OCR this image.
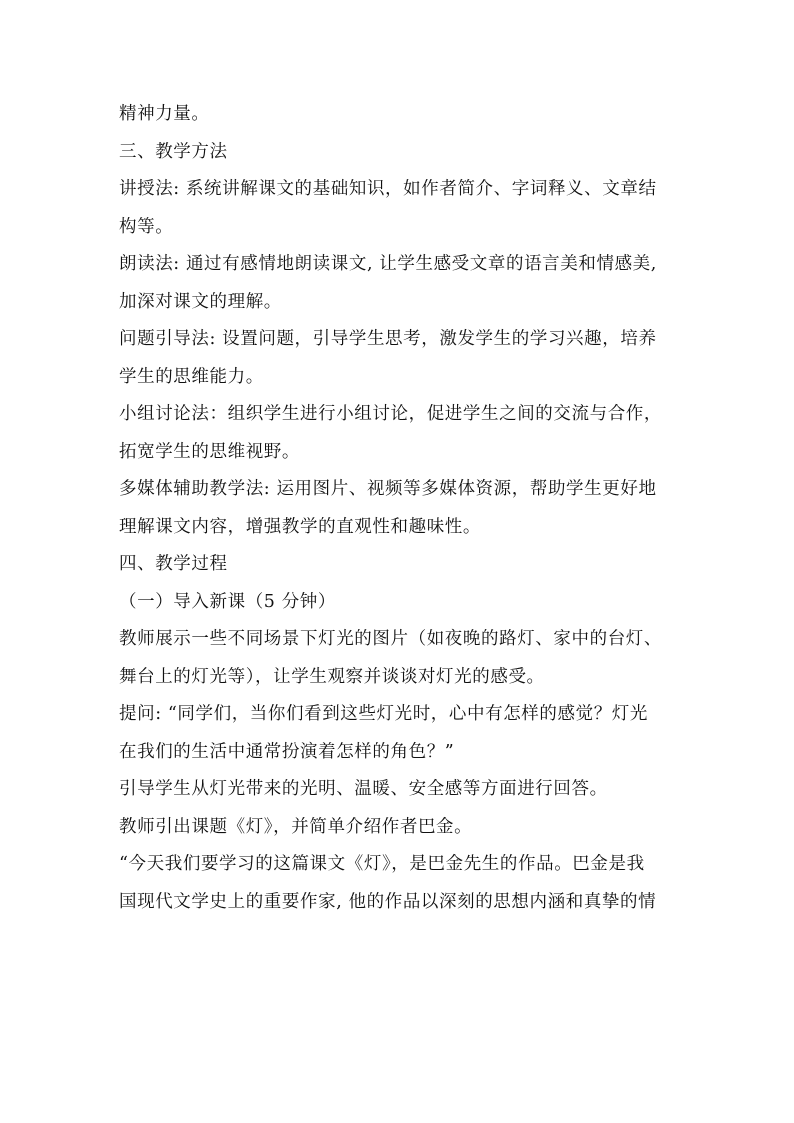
精神力量。
三、教学方法
讲授法: 系统讲解课文的基础知识，如作者简介、字词释义、文章结
构等。
朗读法: 通过有感情地朗读课文, 让学生感受文章的语言美和情感美,
加深对课文的理解。
问题引导法: 设置问题，引导学生思考，激发学生的学习兴趣，培养
学生的思维能力。
小组讨论法：组织学生进行小组讨论，促进学生之间的交流与合作，
拓宽学生的思维视野。
多媒体辅助教学法: 运用图片、视频等多媒体资源，帮助学生更好地
理解课文内容，增强教学的直观性和趣味性。
四、教学过程
（一）导入新课（5 分钟）
教师展示一些不同场景下灯光的图片（如夜晚的路灯、家中的台灯、
舞台上的灯光等），让学生观察并谈谈对灯光的感受。
提问: “同学们，当你们看到这些灯光时，心中有怎样的感觉？灯光
在我们的生活中通常扮演着怎样的角色？”
引导学生从灯光带来的光明、温暖、安全感等方面进行回答。
教师引出课题《灯》，并简单介绍作者巴金。
“今天我们要学习的这篇课文《灯》，是巴金先生的作品。巴金是我
国现代文学史上的重要作家, 他的作品以深刻的思想内涵和真挚的情
